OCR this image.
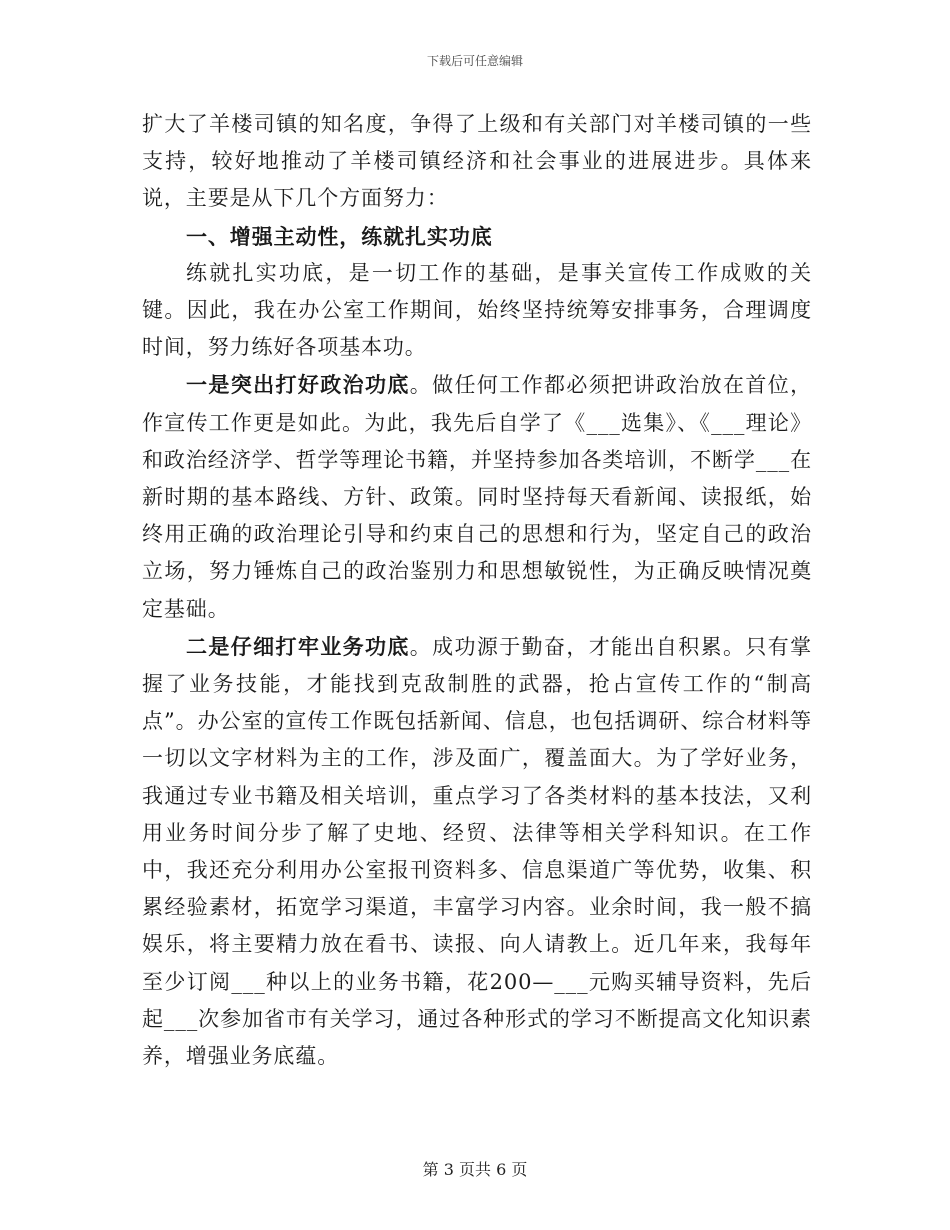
下载后可任意编辑

扩大了羊楼司镇的知名度，争得了上级和有关部门对羊楼司镇的一些支持，较好地推动了羊楼司镇经济和社会事业的进展进步。具体来说，主要是从下几个方面努力：

一、增强主动性，练就扎实功底

练就扎实功底，是一切工作的基础，是事关宣传工作成败的关键。因此，我在办公室工作期间，始终坚持统筹安排事务，合理调度时间，努力练好各项基本功。

一是突出打好政治功底。做任何工作都必须把讲政治放在首位，作宣传工作更是如此。为此，我先后自学了《___选集》、《___理论》和政治经济学、哲学等理论书籍，并坚持参加各类培训，不断学___在新时期的基本路线、方针、政策。同时坚持每天看新闻、读报纸，始终用正确的政治理论引导和约束自己的思想和行为，坚定自己的政治立场，努力锤炼自己的政治鉴别力和思想敏锐性，为正确反映情况奠定基础。

二是仔细打牢业务功底。成功源于勤奋，才能出自积累。只有掌握了业务技能，才能找到克敌制胜的武器，抢占宣传工作的“制高点”。办公室的宣传工作既包括新闻、信息，也包括调研、综合材料等一切以文字材料为主的工作，涉及面广，覆盖面大。为了学好业务，我通过专业书籍及相关培训，重点学习了各类材料的基本技法，又利用业务时间分步了解了史地、经贸、法律等相关学科知识。在工作中，我还充分利用办公室报刊资料多、信息渠道广等优势，收集、积累经验素材，拓宽学习渠道，丰富学习内容。业余时间，我一般不搞娱乐，将主要精力放在看书、读报、向人请教上。近几年来，我每年至少订阅___种以上的业务书籍，花200—___元购买辅导资料，先后起___次参加省市有关学习，通过各种形式的学习不断提高文化知识素养，增强业务底蕴。

第 3 页共 6 页
